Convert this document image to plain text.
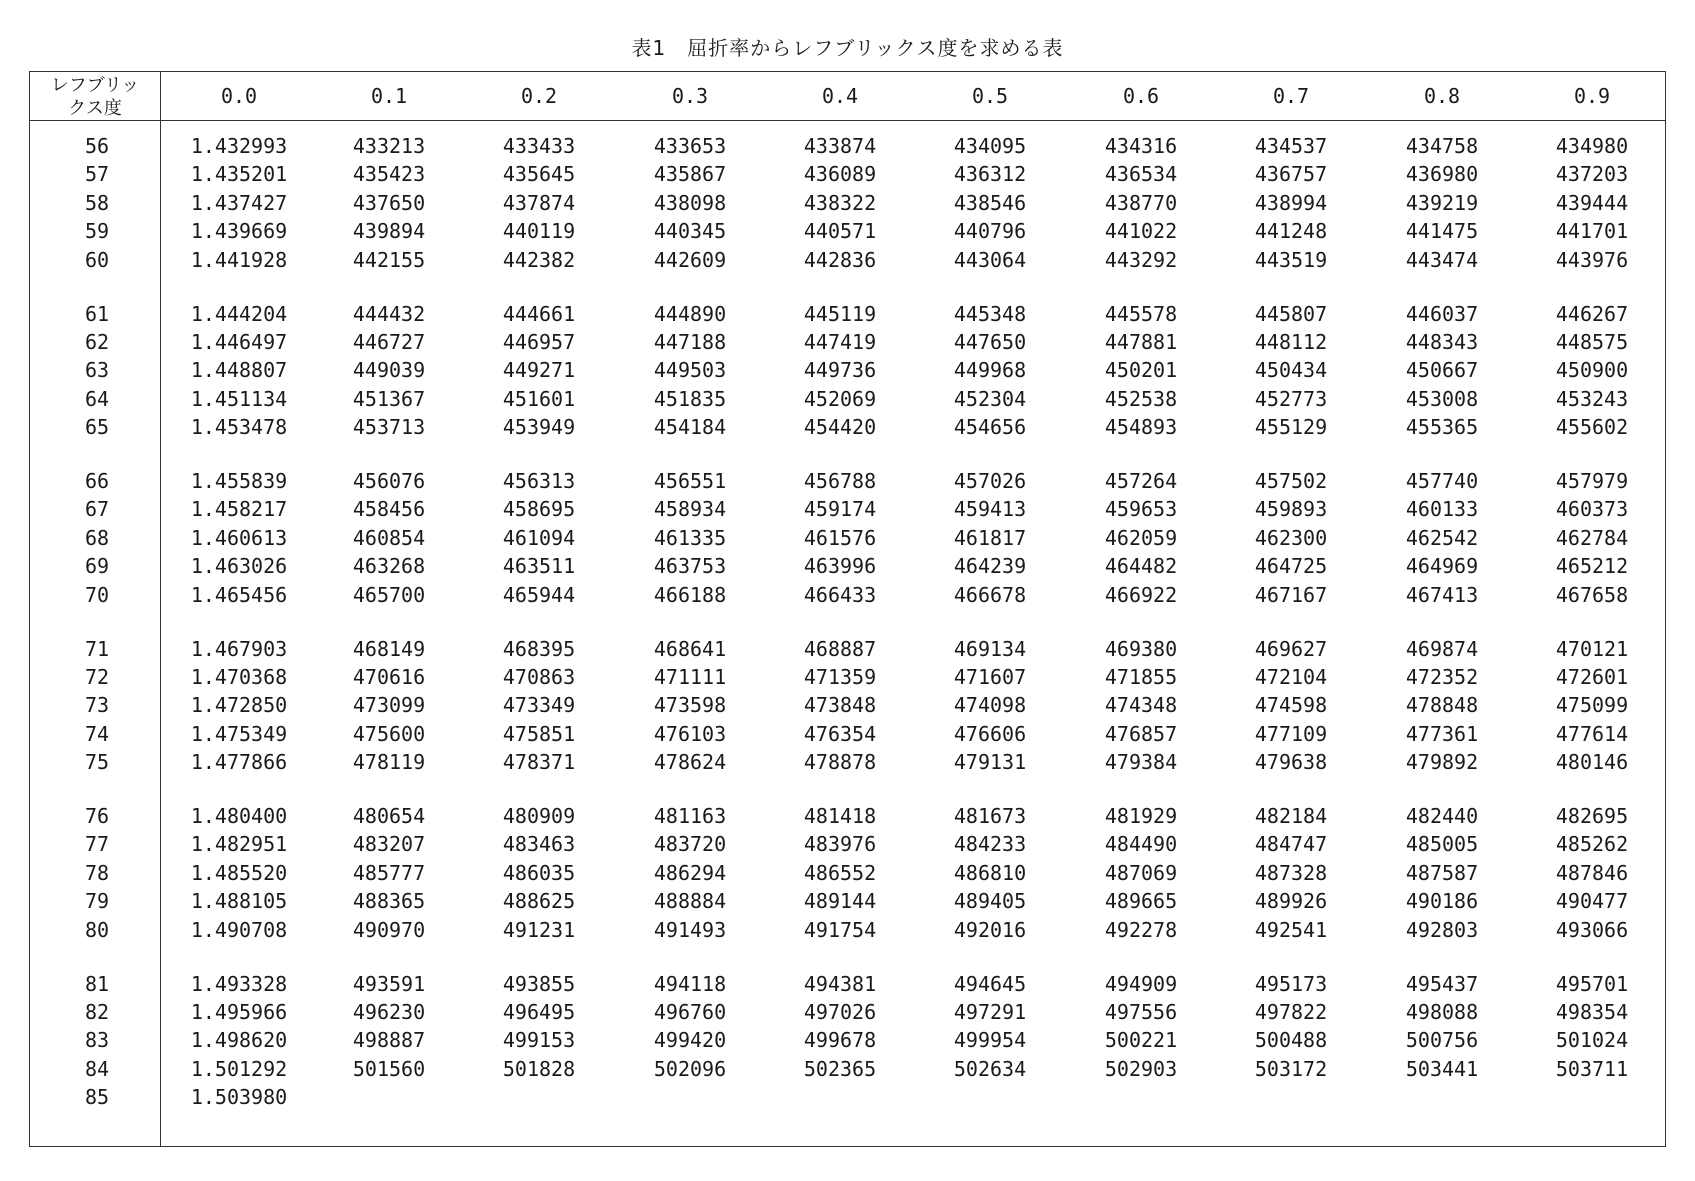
表1　屈折率からレフブリックス度を求める表
レフブリッ
クス度
0.0	0.1	0.2	0.3	0.4	0.5	0.6	0.7	0.8	0.9
56	1.432993	433213	433433	433653	433874	434095	434316	434537	434758	434980
57	1.435201	435423	435645	435867	436089	436312	436534	436757	436980	437203
58	1.437427	437650	437874	438098	438322	438546	438770	438994	439219	439444
59	1.439669	439894	440119	440345	440571	440796	441022	441248	441475	441701
60	1.441928	442155	442382	442609	442836	443064	443292	443519	443474	443976
61	1.444204	444432	444661	444890	445119	445348	445578	445807	446037	446267
62	1.446497	446727	446957	447188	447419	447650	447881	448112	448343	448575
63	1.448807	449039	449271	449503	449736	449968	450201	450434	450667	450900
64	1.451134	451367	451601	451835	452069	452304	452538	452773	453008	453243
65	1.453478	453713	453949	454184	454420	454656	454893	455129	455365	455602
66	1.455839	456076	456313	456551	456788	457026	457264	457502	457740	457979
67	1.458217	458456	458695	458934	459174	459413	459653	459893	460133	460373
68	1.460613	460854	461094	461335	461576	461817	462059	462300	462542	462784
69	1.463026	463268	463511	463753	463996	464239	464482	464725	464969	465212
70	1.465456	465700	465944	466188	466433	466678	466922	467167	467413	467658
71	1.467903	468149	468395	468641	468887	469134	469380	469627	469874	470121
72	1.470368	470616	470863	471111	471359	471607	471855	472104	472352	472601
73	1.472850	473099	473349	473598	473848	474098	474348	474598	478848	475099
74	1.475349	475600	475851	476103	476354	476606	476857	477109	477361	477614
75	1.477866	478119	478371	478624	478878	479131	479384	479638	479892	480146
76	1.480400	480654	480909	481163	481418	481673	481929	482184	482440	482695
77	1.482951	483207	483463	483720	483976	484233	484490	484747	485005	485262
78	1.485520	485777	486035	486294	486552	486810	487069	487328	487587	487846
79	1.488105	488365	488625	488884	489144	489405	489665	489926	490186	490477
80	1.490708	490970	491231	491493	491754	492016	492278	492541	492803	493066
81	1.493328	493591	493855	494118	494381	494645	494909	495173	495437	495701
82	1.495966	496230	496495	496760	497026	497291	497556	497822	498088	498354
83	1.498620	498887	499153	499420	499678	499954	500221	500488	500756	501024
84	1.501292	501560	501828	502096	502365	502634	502903	503172	503441	503711
85	1.503980
